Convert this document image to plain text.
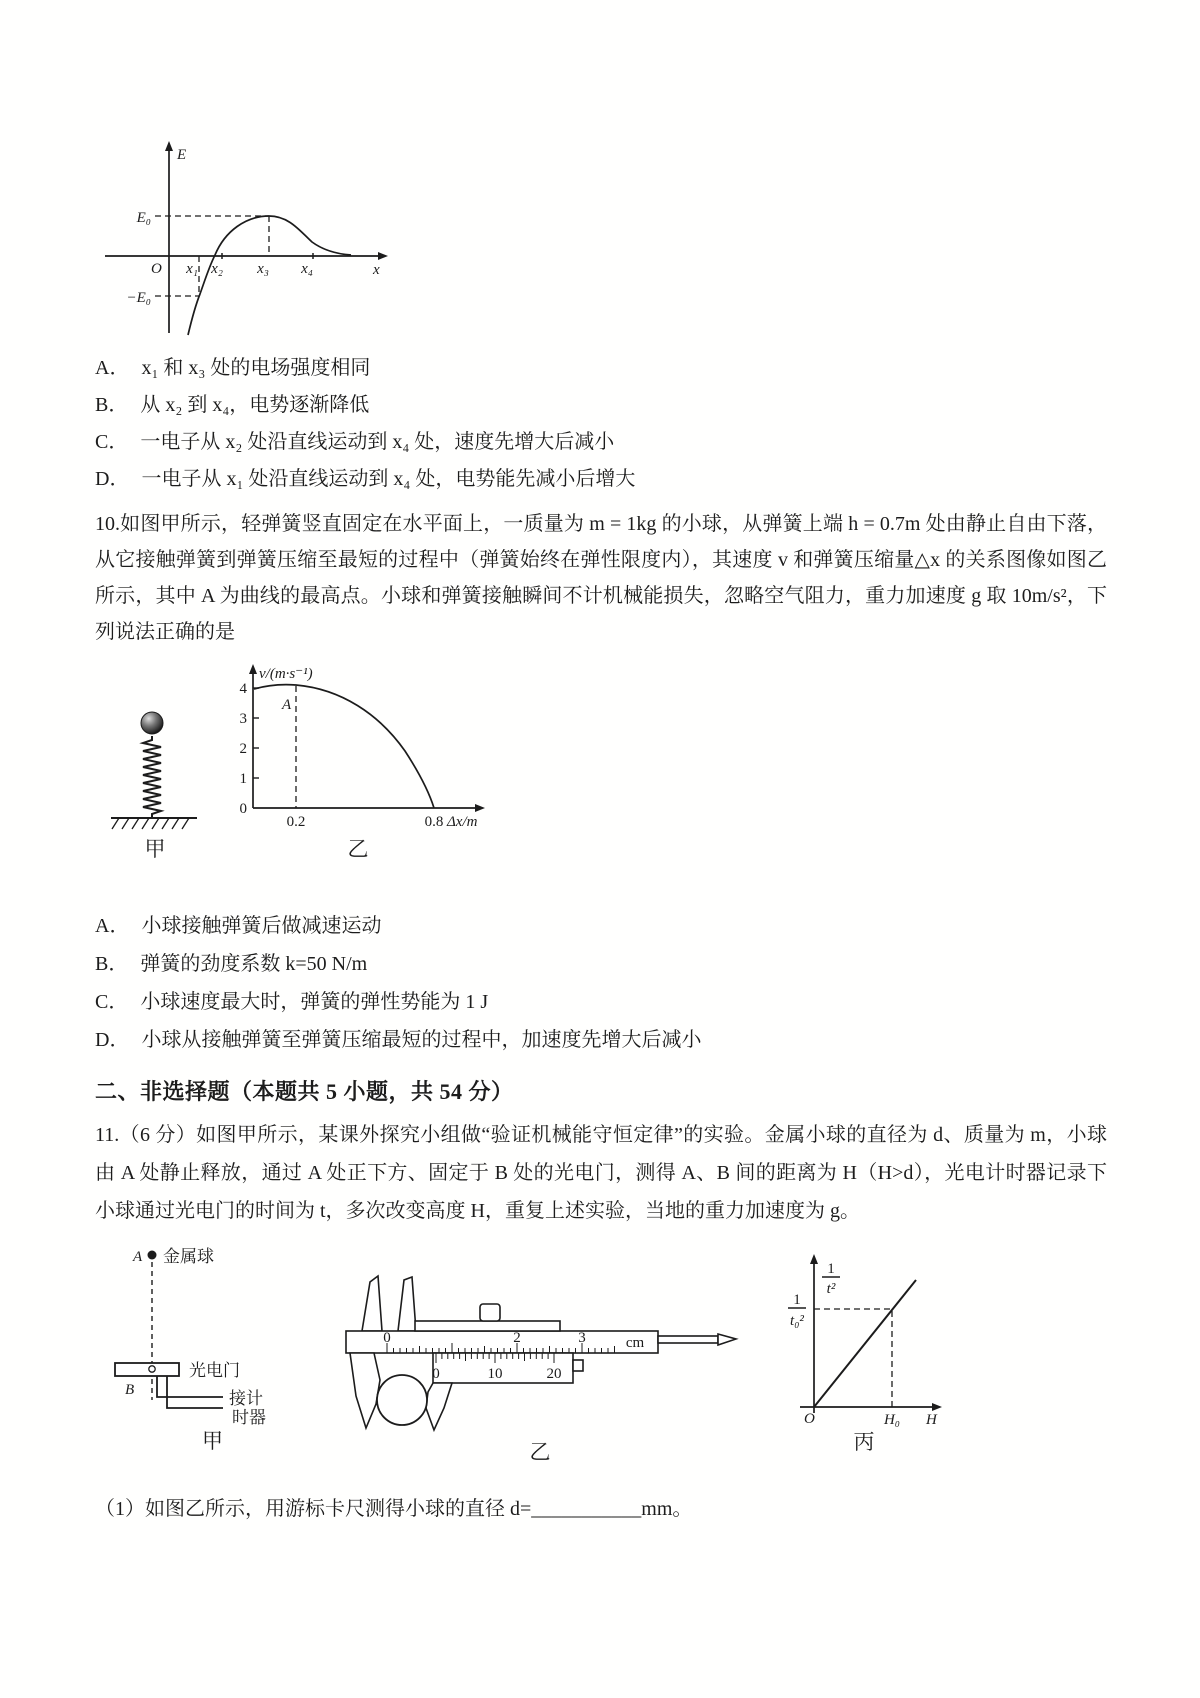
E
x
O
E₀
−E₀
x₁ x₂ x₃ x₄
A． x₁ 和 x₃ 处的电场强度相同
B． 从 x₂ 到 x₄，电势逐渐降低
C． 一电子从 x₂ 处沿直线运动到 x₄ 处，速度先增大后减小
D． 一电子从 x₁ 处沿直线运动到 x₄ 处，电势能先减小后增大
10.如图甲所示，轻弹簧竖直固定在水平面上，一质量为 m = 1kg 的小球，从弹簧上端 h = 0.7m 处由静止自由下落，从它接触弹簧到弹簧压缩至最短的过程中（弹簧始终在弹性限度内），其速度 v 和弹簧压缩量△x 的关系图像如图乙所示，其中 A 为曲线的最高点。小球和弹簧接触瞬间不计机械能损失，忽略空气阻力，重力加速度 g 取 10m/s²，下列说法正确的是
甲
v/(m·s⁻¹)
4
3
2
1
0
A
0.2	0.8 Δx/m
乙
A． 小球接触弹簧后做减速运动
B． 弹簧的劲度系数 k=50 N/m
C． 小球速度最大时，弹簧的弹性势能为 1 J
D． 小球从接触弹簧至弹簧压缩最短的过程中，加速度先增大后减小
二、非选择题（本题共 5 小题，共 54 分）
11.（6 分）如图甲所示，某课外探究小组做“验证机械能守恒定律”的实验。金属小球的直径为 d、质量为 m，小球由 A 处静止释放，通过 A 处正下方、固定于 B 处的光电门，测得 A、B 间的距离为 H（H>d），光电计时器记录下小球通过光电门的时间为 t，多次改变高度 H，重复上述实验，当地的重力加速度为 g。
A 金属球
B
光电门
接计
时器
甲
0	2	3	cm
0	10	20
乙
1
t²
1
t₀²
O	H₀ H
丙
（1）如图乙所示，用游标卡尺测得小球的直径 d=___________mm。
